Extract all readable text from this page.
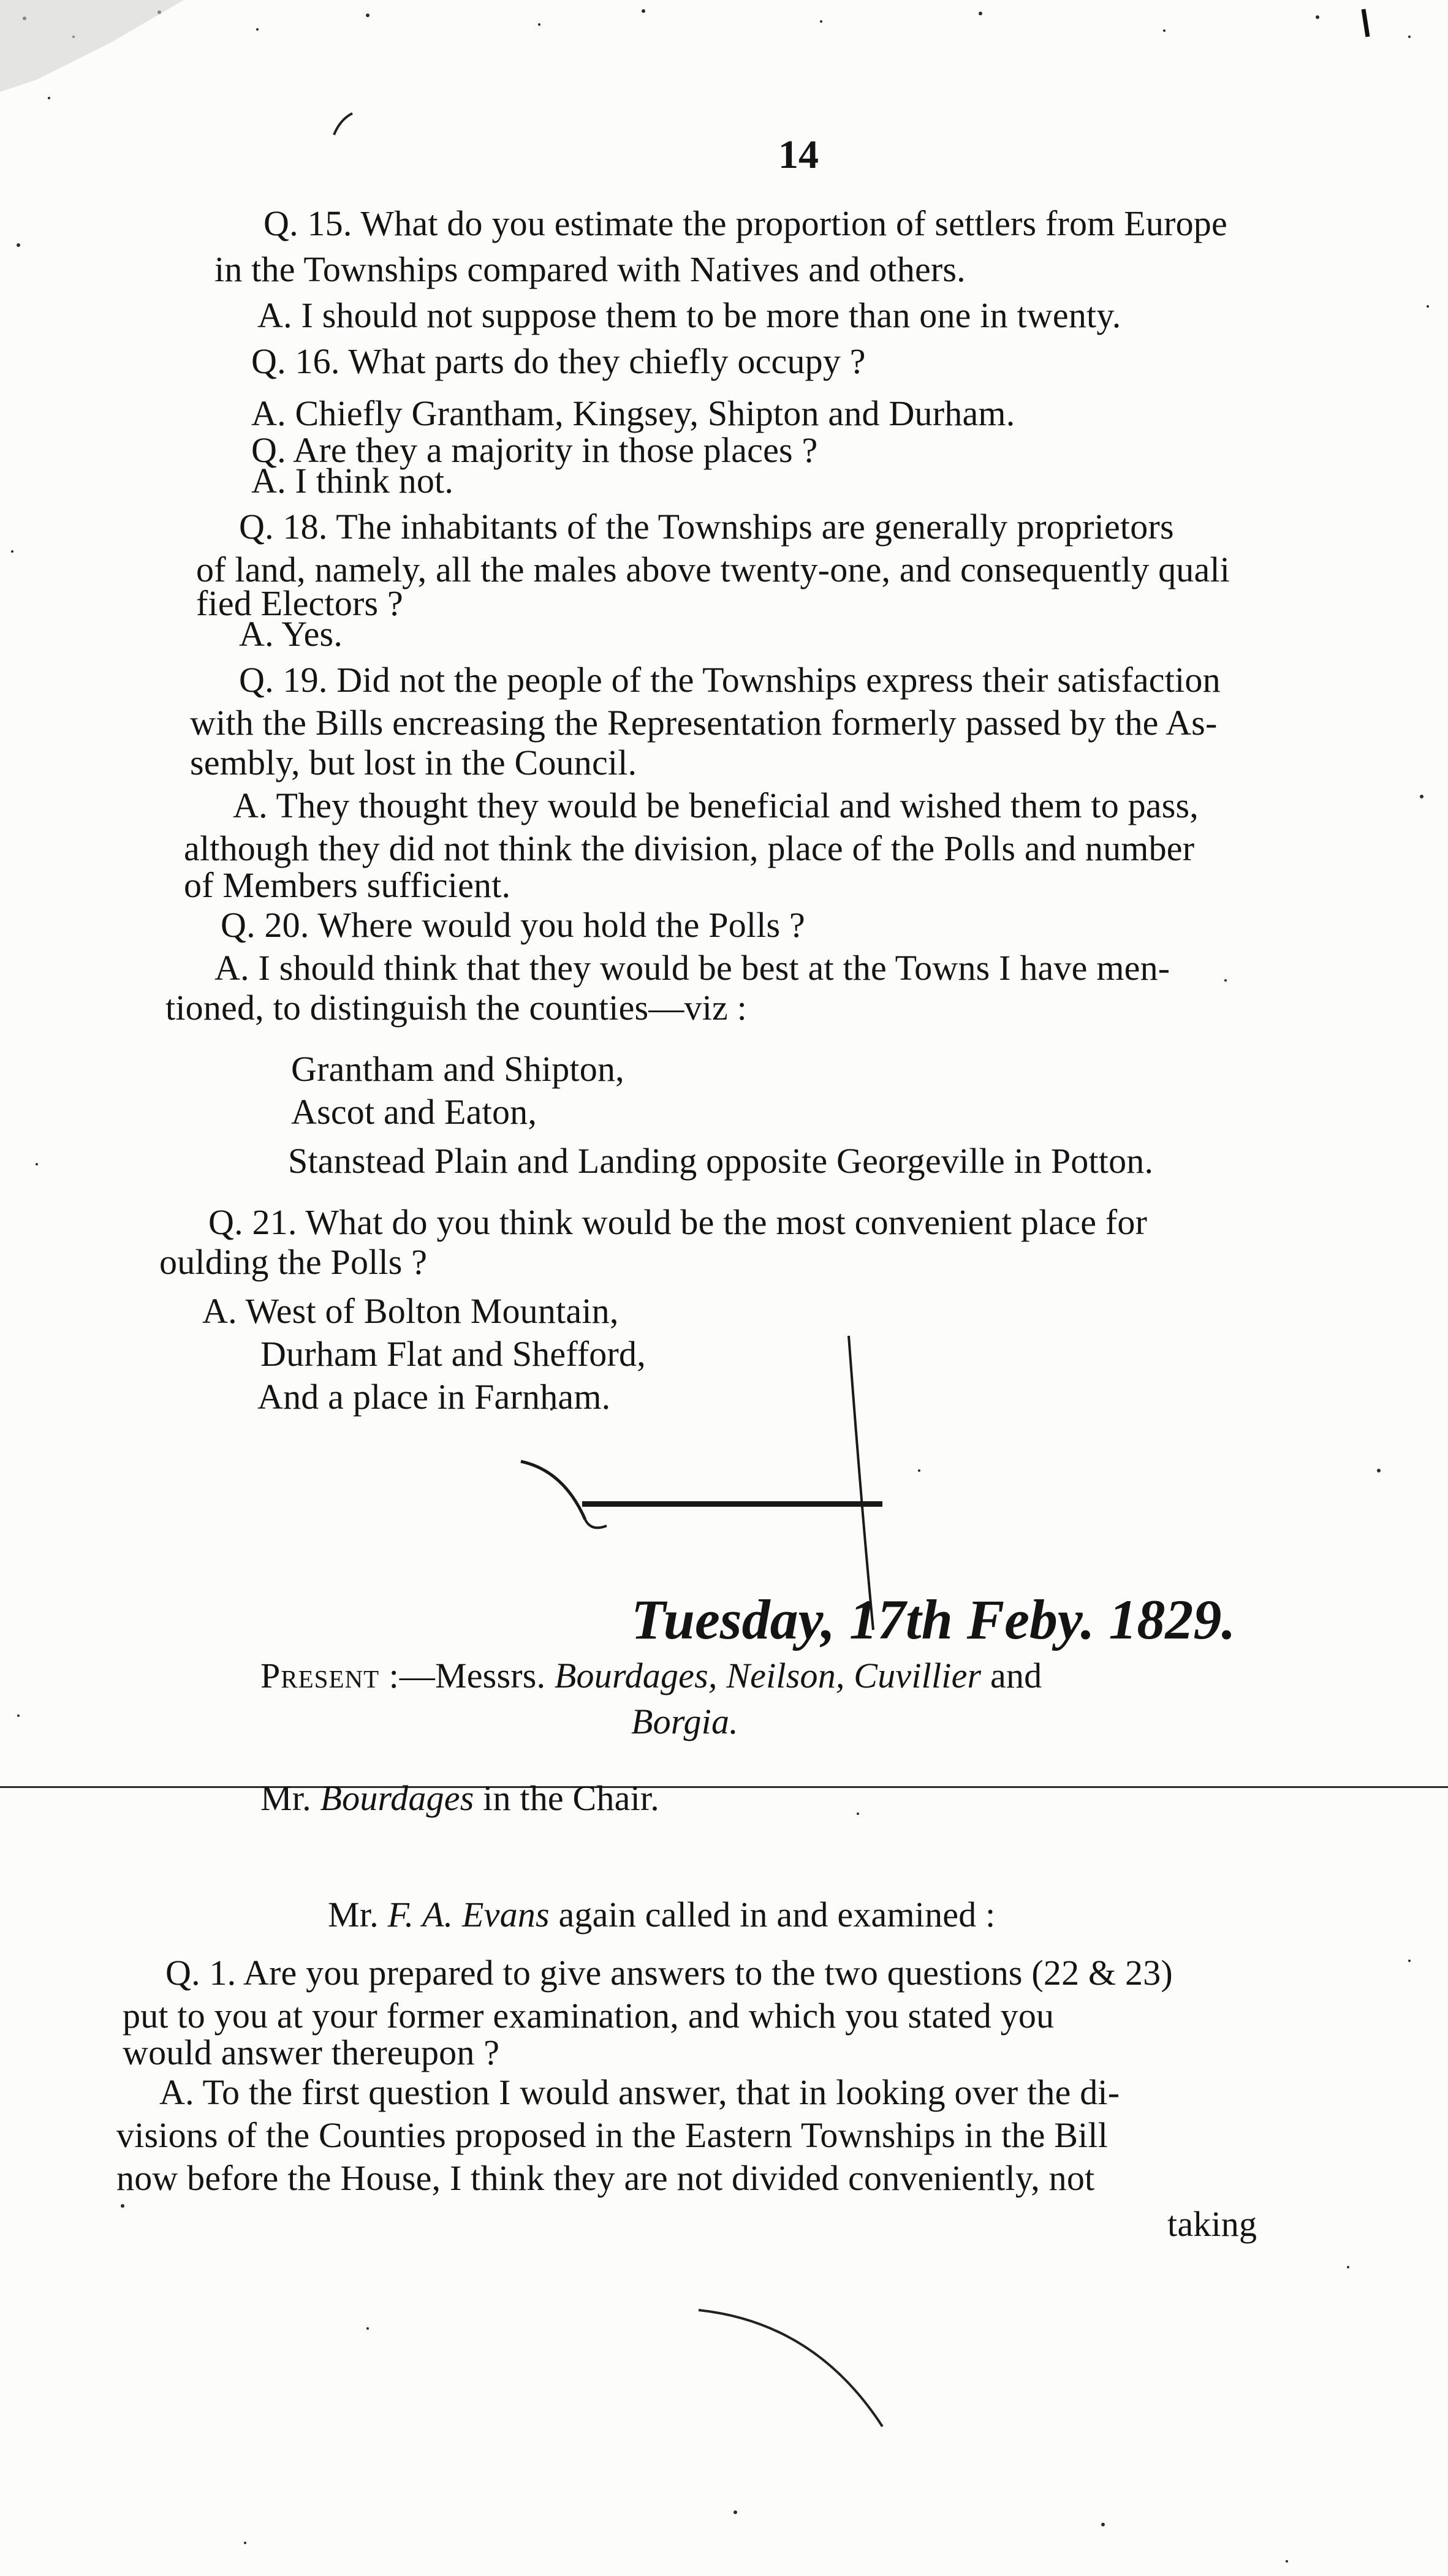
14
Q. 15. What do you estimate the proportion of settlers from Europe
in the Townships compared with Natives and others.
A. I should not suppose them to be more than one in twenty.
Q. 16. What parts do they chiefly occupy ?
A. Chiefly Grantham, Kingsey, Shipton and Durham.
Q. Are they a majority in those places ?
A. I think not.
Q. 18. The inhabitants of the Townships are generally proprietors
of land, namely, all the males above twenty-one, and consequently quali
fied Electors ?
A. Yes.
Q. 19. Did not the people of the Townships express their satisfaction
with the Bills encreasing the Representation formerly passed by the As-
sembly, but lost in the Council.
A. They thought they would be beneficial and wished them to pass,
although they did not think the division, place of the Polls and number
of Members sufficient.
Q. 20. Where would you hold the Polls ?
A. I should think that they would be best at the Towns I have men-
tioned, to distinguish the counties—viz :
Grantham and Shipton,
Ascot and Eaton,
Stanstead Plain and Landing opposite Georgeville in Potton.
Q. 21. What do you think would be the most convenient place for
oulding the Polls ?
A. West of Bolton Mountain,
Durham Flat and Shefford,
And a place in Farnham.
Tuesday, 17th Feby. 1829.
Present :—Messrs. Bourdages, Neilson, Cuvillier and
Borgia.
Mr. Bourdages in the Chair.
Mr. F. A. Evans again called in and examined :
Q. 1. Are you prepared to give answers to the two questions (22 & 23)
put to you at your former examination, and which you stated you
would answer thereupon ?
A. To the first question I would answer, that in looking over the di-
visions of the Counties proposed in the Eastern Townships in the Bill
now before the House, I think they are not divided conveniently, not
taking
